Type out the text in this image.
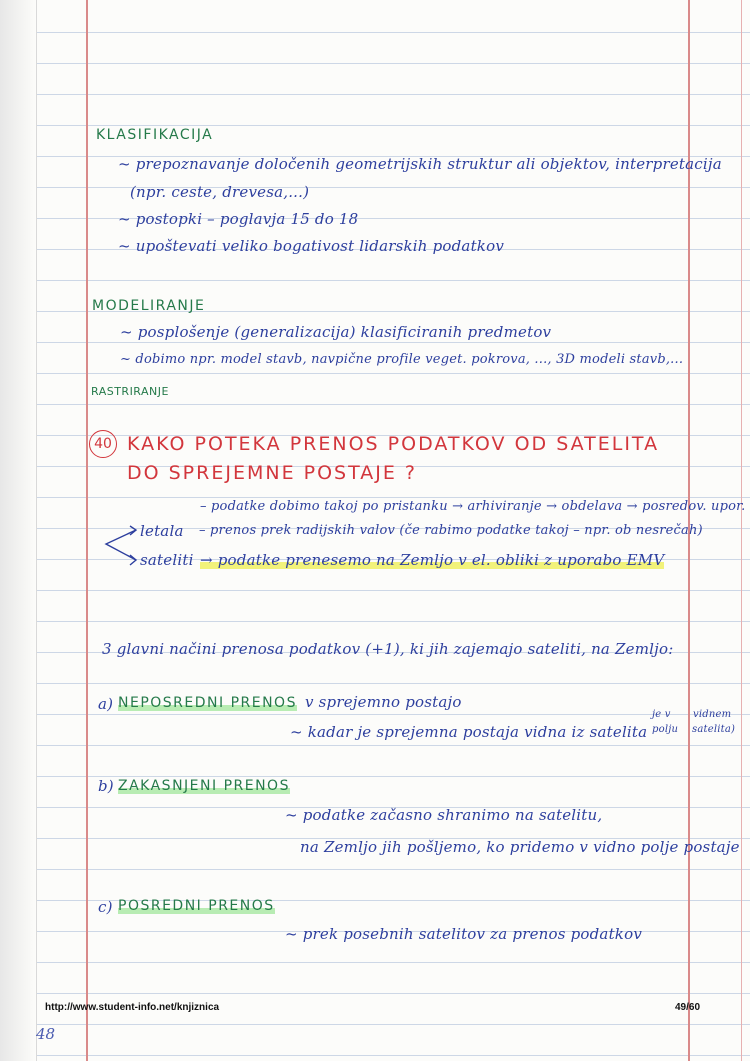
KLASIFIKACIJA
~ prepoznavanje določenih geometrijskih struktur ali objektov, interpretacija
(npr. ceste, drevesa,...)
~ postopki – poglavja 15 do 18
~ upoštevati veliko bogativost lidarskih podatkov
MODELIRANJE
~ posplošenje (generalizacija) klasificiranih predmetov
~ dobimo npr. model stavb, navpične profile veget. pokrova, ..., 3D modeli stavb,...
RASTRIRANJE
40 KAKO POTEKA PRENOS PODATKOV OD SATELITA
DO SPREJEMNE POSTAJE ?
– podatke dobimo takoj po pristanku → arhiviranje → obdelava → posredov. upor.
letala – prenos prek radijskih valov (če rabimo podatke takoj – npr. ob nesrečah)
sateliti → podatke prenesemo na Zemljo v el. obliki z uporabo EMV
3 glavni načini prenosa podatkov (+1), ki jih zajemajo sateliti, na Zemljo:
a) NEPOSREDNI PRENOS v sprejemno postajo
~ kadar je sprejemna postaja vidna iz satelita
je v
polju
vidnem
satelita)
b) ZAKASNJENI PRENOS
~ podatke začasno shranimo na satelitu,
na Zemljo jih pošljemo, ko pridemo v vidno polje postaje
c) POSREDNI PRENOS
~ prek posebnih satelitov za prenos podatkov
http://www.student-info.net/knjiznica	49/60
48
